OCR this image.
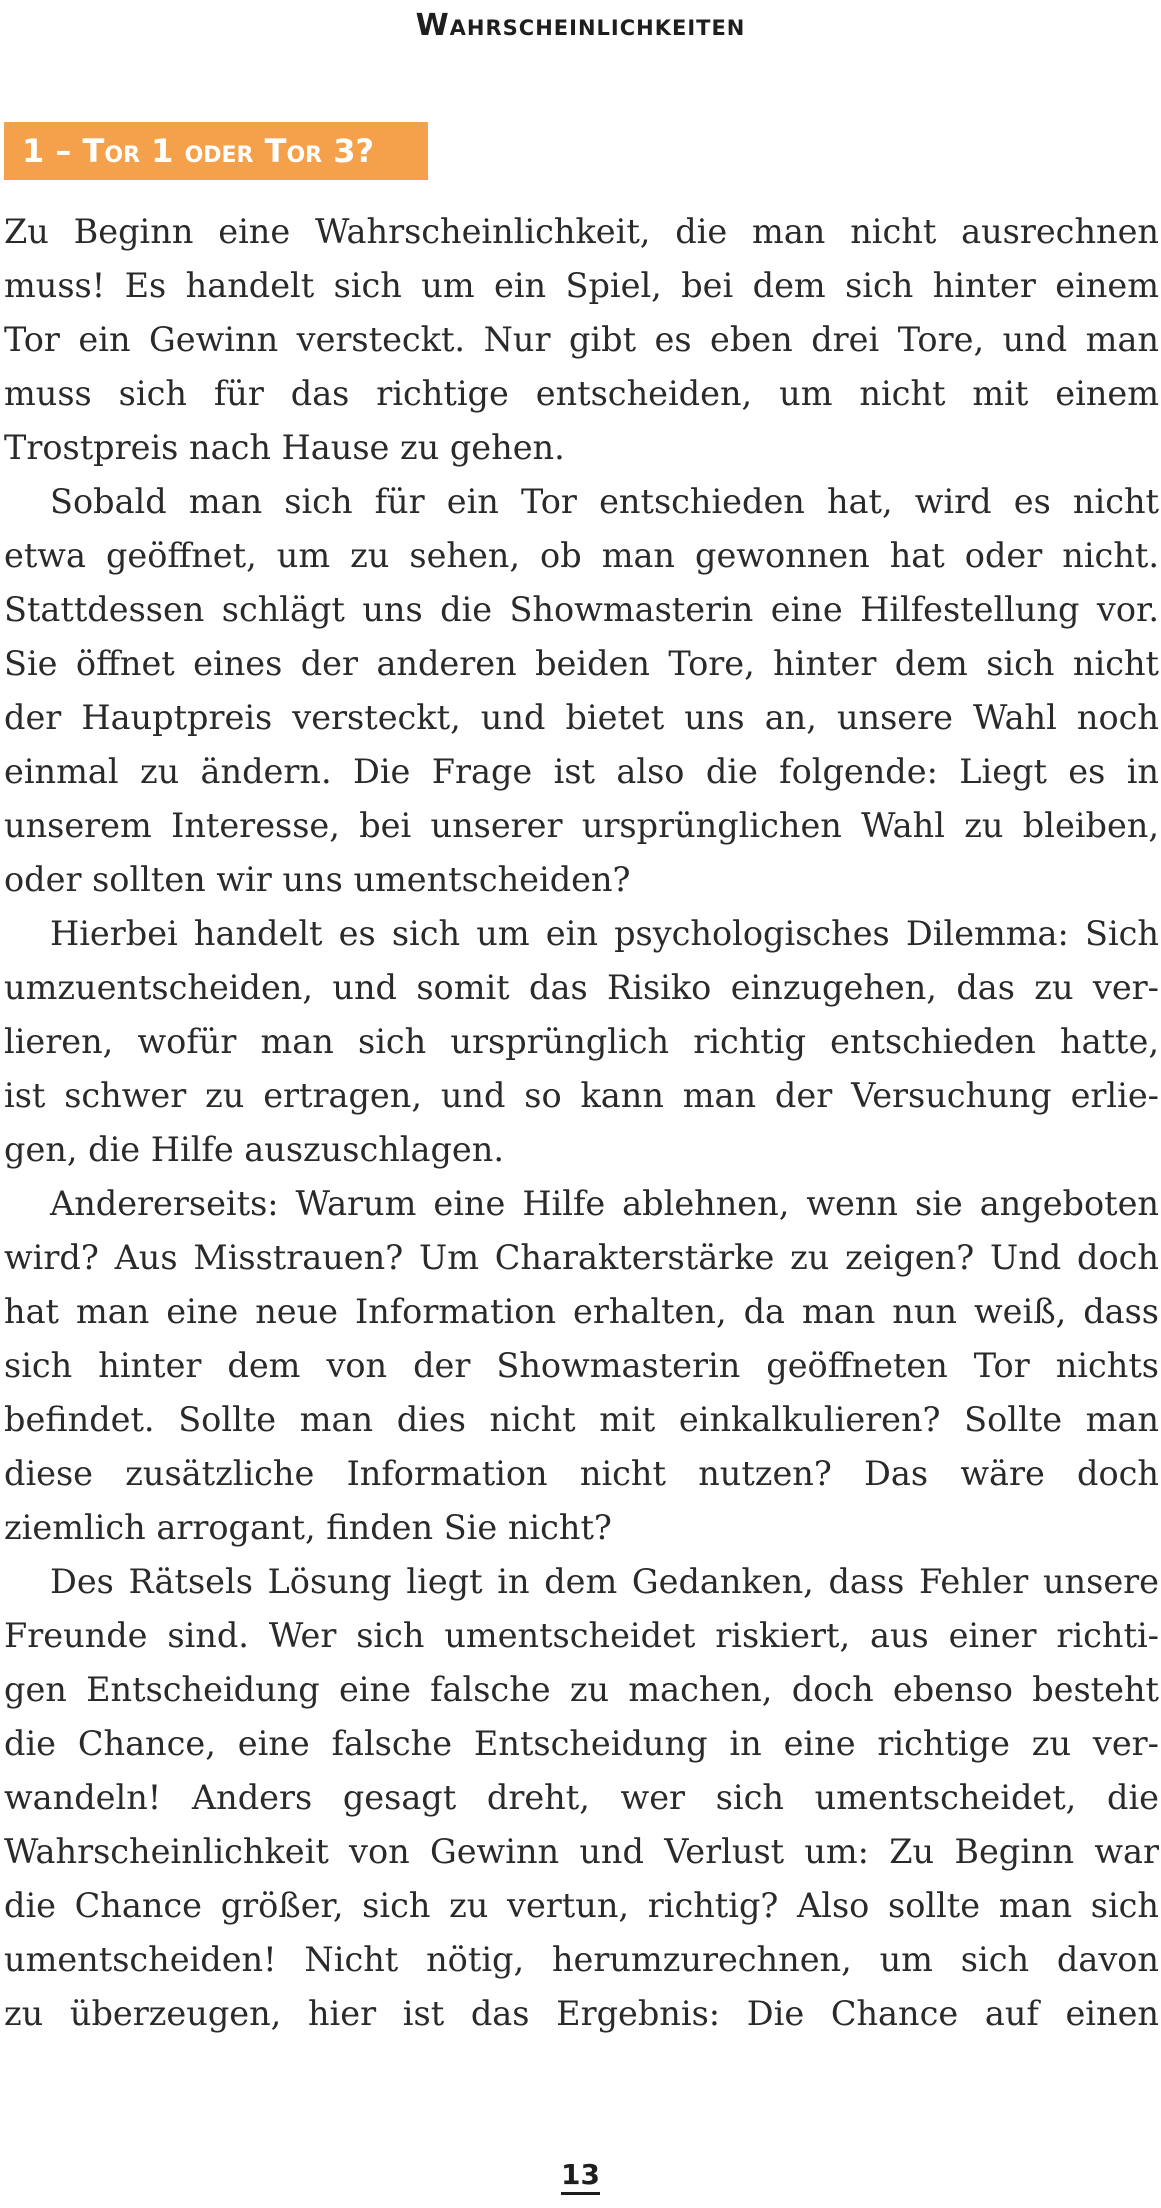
Wahrscheinlichkeiten
1 – Tor 1 oder Tor 3?
Zu Beginn eine Wahrscheinlichkeit, die man nicht ausrechnen
muss! Es handelt sich um ein Spiel, bei dem sich hinter einem
Tor ein Gewinn versteckt. Nur gibt es eben drei Tore, und man
muss sich für das richtige entscheiden, um nicht mit einem
Trostpreis nach Hause zu gehen.
Sobald man sich für ein Tor entschieden hat, wird es nicht
etwa geöffnet, um zu sehen, ob man gewonnen hat oder nicht.
Stattdessen schlägt uns die Showmasterin eine Hilfestellung vor.
Sie öffnet eines der anderen beiden Tore, hinter dem sich nicht
der Hauptpreis versteckt, und bietet uns an, unsere Wahl noch
einmal zu ändern. Die Frage ist also die folgende: Liegt es in
unserem Interesse, bei unserer ursprünglichen Wahl zu bleiben,
oder sollten wir uns umentscheiden?
Hierbei handelt es sich um ein psychologisches Dilemma: Sich
umzuentscheiden, und somit das Risiko einzugehen, das zu ver-
lieren, wofür man sich ursprünglich richtig entschieden hatte,
ist schwer zu ertragen, und so kann man der Versuchung erlie-
gen, die Hilfe auszuschlagen.
Andererseits: Warum eine Hilfe ablehnen, wenn sie angeboten
wird? Aus Misstrauen? Um Charakterstärke zu zeigen? Und doch
hat man eine neue Information erhalten, da man nun weiß, dass
sich hinter dem von der Showmasterin geöffneten Tor nichts
befindet. Sollte man dies nicht mit einkalkulieren? Sollte man
diese zusätzliche Information nicht nutzen? Das wäre doch
ziemlich arrogant, finden Sie nicht?
Des Rätsels Lösung liegt in dem Gedanken, dass Fehler unsere
Freunde sind. Wer sich umentscheidet riskiert, aus einer richti-
gen Entscheidung eine falsche zu machen, doch ebenso besteht
die Chance, eine falsche Entscheidung in eine richtige zu ver-
wandeln! Anders gesagt dreht, wer sich umentscheidet, die
Wahrscheinlichkeit von Gewinn und Verlust um: Zu Beginn war
die Chance größer, sich zu vertun, richtig? Also sollte man sich
umentscheiden! Nicht nötig, herumzurechnen, um sich davon
zu überzeugen, hier ist das Ergebnis: Die Chance auf einen
13
